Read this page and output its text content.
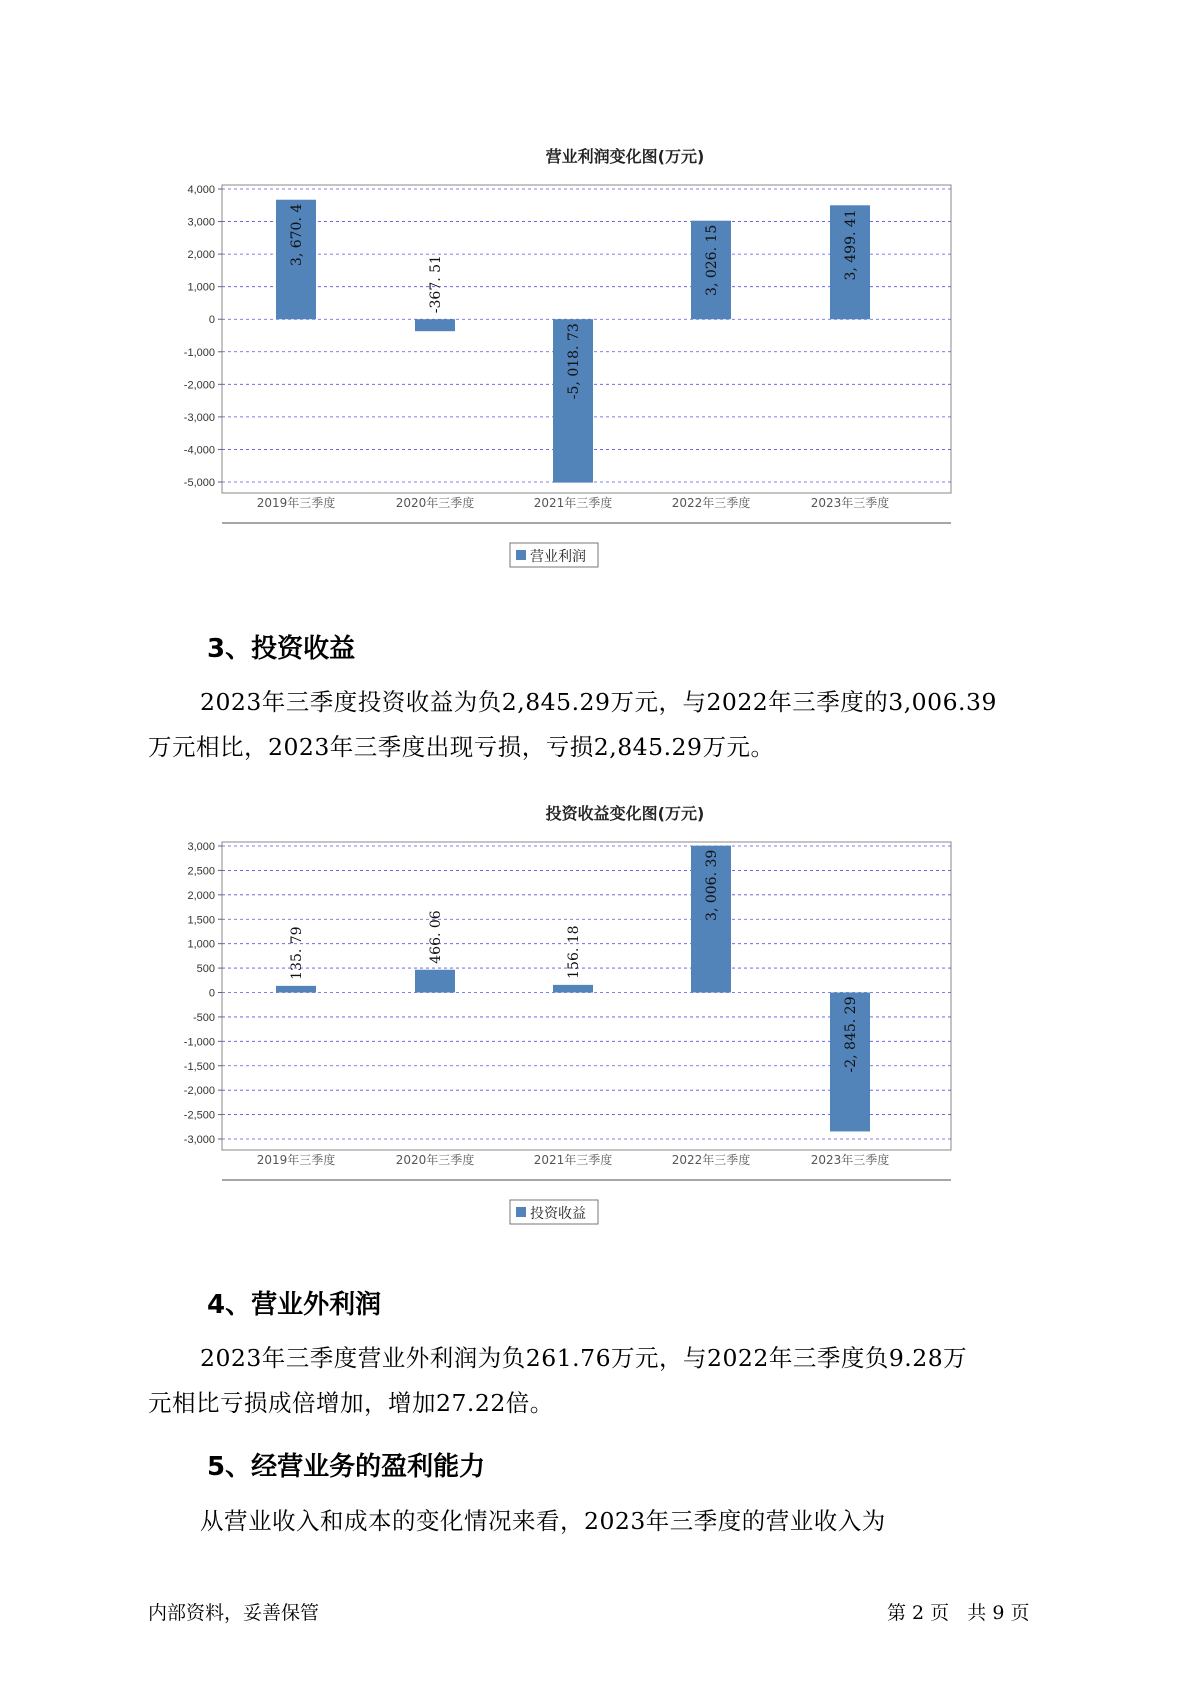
营业利润变化图(万元)
4,000
3,000
2,000
1,000
0
-1,000
-2,000
-3,000
-4,000
-5,000
3, 670. 4
-367. 51
-5, 018. 73
3, 026. 15	3, 499. 41
2019年三季度	2020年三季度	2021年三季度	2022年三季度	2023年三季度
营业利润
3、投资收益

2023年三季度投资收益为负2,845.29万元，与2022年三季度的3,006.39

万元相比，2023年三季度出现亏损，亏损2,845.29万元。

投资收益变化图(万元)
3,000
2,500
2,000
1,500
1,000
500
0
-500
-1,000
-1,500
-2,000
-2,500
-3,000
135. 79	466. 06	156. 18
3, 006. 39
-2, 845. 29
2019年三季度	2020年三季度	2021年三季度	2022年三季度	2023年三季度
投资收益
4、营业外利润

2023年三季度营业外利润为负261.76万元，与2022年三季度负9.28万

元相比亏损成倍增加，增加27.22倍。

5、经营业务的盈利能力

从营业收入和成本的变化情况来看，2023年三季度的营业收入为

内部资料，妥善保管	第 2 页   共 9 页
